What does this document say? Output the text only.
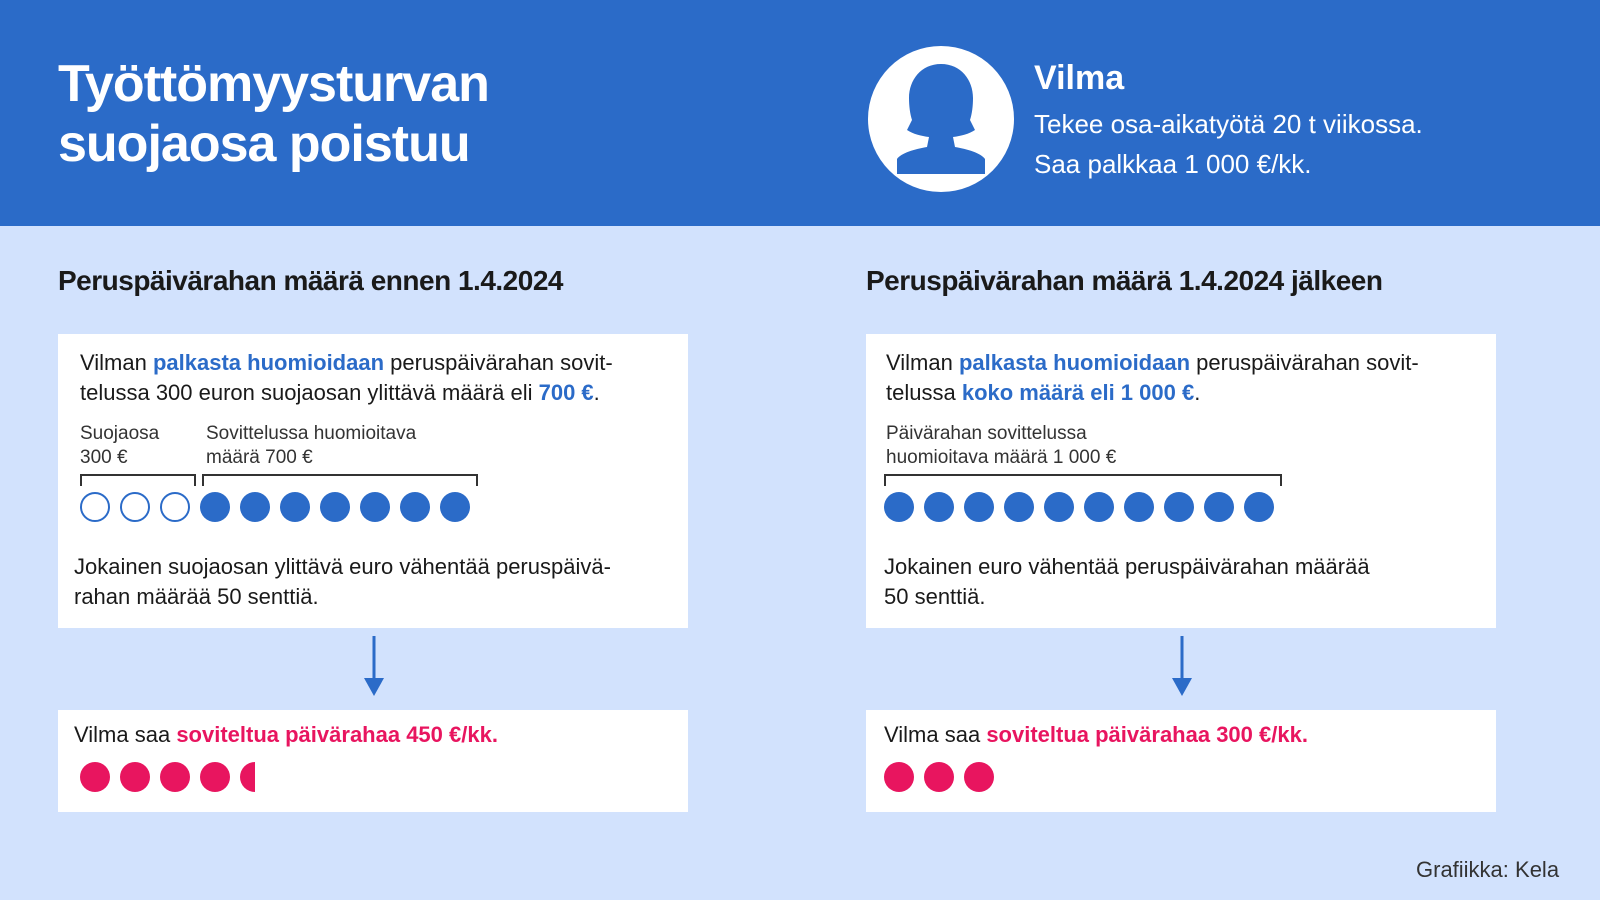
Työttömyysturvan
suojaosa poistuu
Vilma
Tekee osa-aikatyötä 20 t viikossa.
Saa palkkaa 1 000 €/kk.
Peruspäivärahan määrä ennen 1.4.2024
Vilman palkasta huomioidaan peruspäivärahan sovit-
telussa 300 euron suojaosan ylittävä määrä eli 700 €.
Suojaosa
300 €
Sovittelussa huomioitava
määrä 700 €
Jokainen suojaosan ylittävä euro vähentää peruspäivä-
rahan määrää 50 senttiä.
Vilma saa soviteltua päivärahaa 450 €/kk.
Peruspäivärahan määrä 1.4.2024 jälkeen
Vilman palkasta huomioidaan peruspäivärahan sovit-
telussa koko määrä eli 1 000 €.
Päivärahan sovittelussa
huomioitava määrä 1 000 €
Jokainen euro vähentää peruspäivärahan määrää
50 senttiä.
Vilma saa soviteltua päivärahaa 300 €/kk.
Grafiikka: Kela
